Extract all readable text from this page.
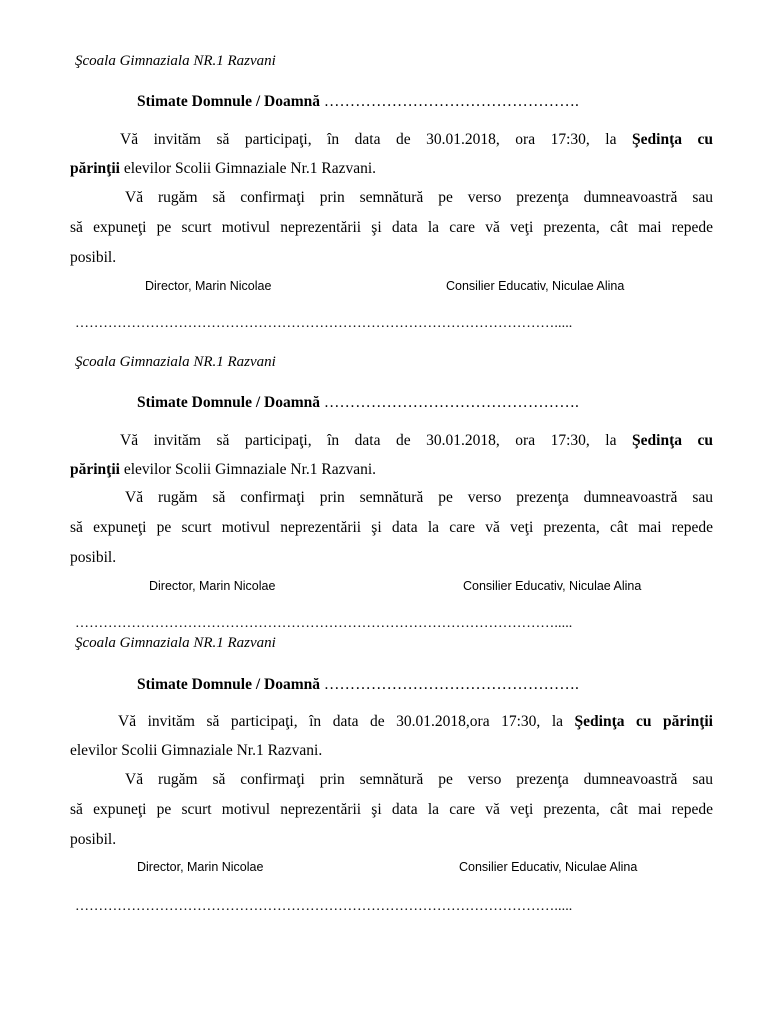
Şcoala Gimnaziala NR.1 Razvani
Stimate Domnule / Doamnă ………………………………………….
Vă invităm să participaţi, în data de 30.01.2018, ora 17:30, la Şedinţa cu
părinţii elevilor Scolii Gimnaziale Nr.1 Razvani.
Vă rugăm să confirmaţi prin semnătură pe verso prezenţa dumneavoastră sau
să expuneţi pe scurt motivul neprezentării şi data la care vă veţi prezenta, cât mai repede
posibil.
Director, Marin Nicolae	Consilier Educativ, Niculae Alina
………………………………………………………………………………………….....
Şcoala Gimnaziala NR.1 Razvani
Stimate Domnule / Doamnă ………………………………………….
Vă invităm să participaţi, în data de 30.01.2018, ora 17:30, la Şedinţa cu
părinţii elevilor Scolii Gimnaziale Nr.1 Razvani.
Vă rugăm să confirmaţi prin semnătură pe verso prezenţa dumneavoastră sau
să expuneţi pe scurt motivul neprezentării şi data la care vă veţi prezenta, cât mai repede
posibil.
Director, Marin Nicolae	Consilier Educativ, Niculae Alina
………………………………………………………………………………………….....
Şcoala Gimnaziala NR.1 Razvani
Stimate Domnule / Doamnă ………………………………………….
Vă invităm să participaţi, în data de 30.01.2018,ora 17:30, la Şedinţa cu părinţii
elevilor Scolii Gimnaziale Nr.1 Razvani.
Vă rugăm să confirmaţi prin semnătură pe verso prezenţa dumneavoastră sau
să expuneţi pe scurt motivul neprezentării şi data la care vă veţi prezenta, cât mai repede
posibil.
Director, Marin Nicolae	Consilier Educativ, Niculae Alina
………………………………………………………………………………………….....
